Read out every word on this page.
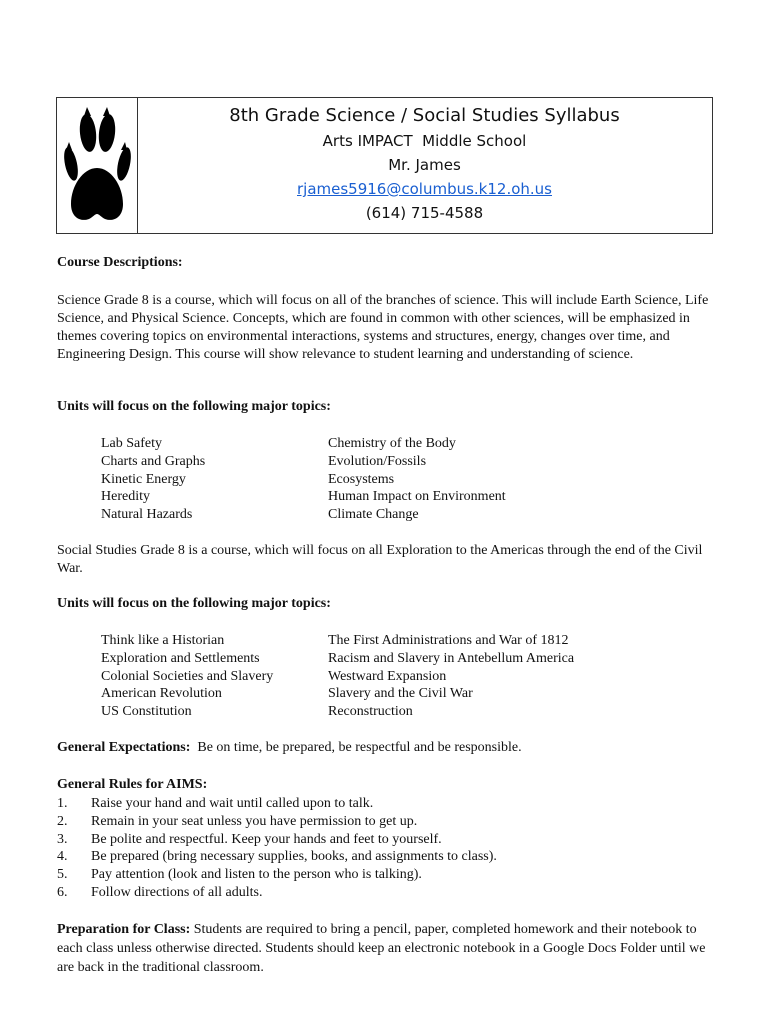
8th Grade Science / Social Studies Syllabus
Arts IMPACT  Middle School
Mr. James
rjames5916@columbus.k12.oh.us
(614) 715-4588
Course Descriptions:
Science Grade 8 is a course, which will focus on all of the branches of science. This will include Earth Science, Life Science, and Physical Science. Concepts, which are found in common with other sciences, will be emphasized in themes covering topics on environmental interactions, systems and structures, energy, changes over time, and Engineering Design. This course will show relevance to student learning and understanding of science.
Units will focus on the following major topics:
Lab Safety
Charts and Graphs
Kinetic Energy
Heredity
Natural Hazards
Chemistry of the Body
Evolution/Fossils
Ecosystems
Human Impact on Environment
Climate Change
Social Studies Grade 8 is a course, which will focus on all Exploration to the Americas through the end of the Civil War.
Units will focus on the following major topics:
Think like a Historian
Exploration and Settlements
Colonial Societies and Slavery
American Revolution
US Constitution
The First Administrations and War of 1812
Racism and Slavery in Antebellum America
Westward Expansion
Slavery and the Civil War
Reconstruction
General Expectations: Be on time, be prepared, be respectful and be responsible.
General Rules for AIMS:
1. Raise your hand and wait until called upon to talk.
2. Remain in your seat unless you have permission to get up.
3. Be polite and respectful. Keep your hands and feet to yourself.
4. Be prepared (bring necessary supplies, books, and assignments to class).
5. Pay attention (look and listen to the person who is talking).
6. Follow directions of all adults.
Preparation for Class: Students are required to bring a pencil, paper, completed homework and their notebook to each class unless otherwise directed. Students should keep an electronic notebook in a Google Docs Folder until we are back in the traditional classroom.
